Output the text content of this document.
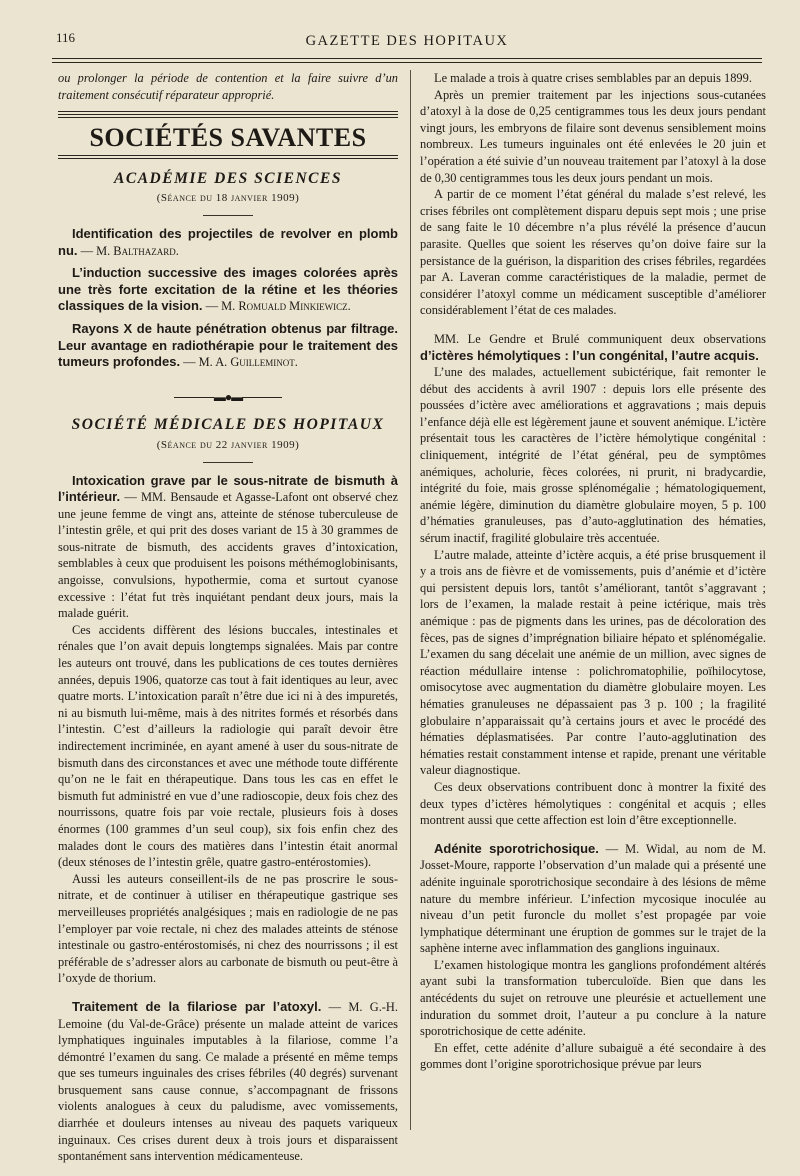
116	GAZETTE DES HOPITAUX

ou prolonger la période de contention et la faire suivre d’un traitement consécutif réparateur approprié.

SOCIÉTÉS SAVANTES
ACADÉMIE DES SCIENCES
(Séance du 18 janvier 1909)

Identification des projectiles de revolver en plomb nu. — M. Balthazard.

L’induction successive des images colorées après une très forte excitation de la rétine et les théories classiques de la vision. — M. Romuald Minkiewicz.

Rayons X de haute pénétration obtenus par filtrage. Leur avantage en radiothérapie pour le traitement des tumeurs profondes. — M. A. Guilleminot.

▬●▬
SOCIÉTÉ MÉDICALE DES HOPITAUX
(Séance du 22 janvier 1909)

Intoxication grave par le sous-nitrate de bismuth à l’intérieur. — MM. Bensaude et Agasse-Lafont ont observé chez une jeune femme de vingt ans, atteinte de sténose tuberculeuse de l’intestin grêle, et qui prit des doses variant de 15 à 30 grammes de sous-nitrate de bismuth, des accidents graves d’intoxication, semblables à ceux que produisent les poisons méthémoglobinisants, angoisse, convulsions, hypothermie, coma et surtout cyanose excessive : l’état fut très inquiétant pendant deux jours, mais la malade guérit.

Ces accidents diffèrent des lésions buccales, intestinales et rénales que l’on avait depuis longtemps signalées. Mais par contre les auteurs ont trouvé, dans les publications de ces toutes dernières années, depuis 1906, quatorze cas tout à fait identiques au leur, avec quatre morts. L’intoxication paraît n’être due ici ni à des impuretés, ni au bismuth lui-même, mais à des nitrites formés et résorbés dans l’intestin. C’est d’ailleurs la radiologie qui paraît devoir être indirectement incriminée, en ayant amené à user du sous-nitrate de bismuth dans des circonstances et avec une méthode toute différente qu’on ne le fait en thérapeutique. Dans tous les cas en effet le bismuth fut administré en vue d’une radioscopie, deux fois chez des nourrissons, quatre fois par voie rectale, plusieurs fois à doses énormes (100 grammes d’un seul coup), six fois enfin chez des malades dont le cours des matières dans l’intestin était anormal (deux sténoses de l’intestin grêle, quatre gastro-entérostomies).

Aussi les auteurs conseillent-ils de ne pas proscrire le sous-nitrate, et de continuer à utiliser en thérapeutique gastrique ses merveilleuses propriétés analgésiques ; mais en radiologie de ne pas l’employer par voie rectale, ni chez des malades atteints de sténose intestinale ou gastro-entérostomisés, ni chez des nourrissons ; il est préférable de s’adresser alors au carbonate de bismuth ou peut-être à l’oxyde de thorium.

Traitement de la filariose par l’atoxyl. — M. G.-H. Lemoine (du Val-de-Grâce) présente un malade atteint de varices lymphatiques inguinales imputables à la filariose, comme l’a démontré l’examen du sang. Ce malade a présenté en même temps que ses tumeurs inguinales des crises fébriles (40 degrés) survenant brusquement sans cause connue, s’accompagnant de frissons violents analogues à ceux du paludisme, avec vomissements, diarrhée et douleurs intenses au niveau des paquets variqueux inguinaux. Ces crises durent deux à trois jours et disparaissent spontanément sans intervention médicamenteuse.

Le malade a trois à quatre crises semblables par an depuis 1899.

Après un premier traitement par les injections sous-cutanées d’atoxyl à la dose de 0,25 centigrammes tous les deux jours pendant vingt jours, les embryons de filaire sont devenus sensiblement moins nombreux. Les tumeurs inguinales ont été enlevées le 20 juin et l’opération a été suivie d’un nouveau traitement par l’atoxyl à la dose de 0,30 centigrammes tous les deux jours pendant un mois.

A partir de ce moment l’état général du malade s’est relevé, les crises fébriles ont complètement disparu depuis sept mois ; une prise de sang faite le 10 décembre n’a plus révélé la présence d’aucun parasite. Quelles que soient les réserves qu’on doive faire sur la persistance de la guérison, la disparition des crises fébriles, regardées par A. Laveran comme caractéristiques de la maladie, permet de considérer l’atoxyl comme un médicament susceptible d’améliorer considérablement l’état de ces malades.

MM. Le Gendre et Brulé communiquent deux observations d’ictères hémolytiques : l’un congénital, l’autre acquis.

L’une des malades, actuellement subictérique, fait remonter le début des accidents à avril 1907 : depuis lors elle présente des poussées d’ictère avec améliorations et aggravations ; mais depuis l’enfance déjà elle est légèrement jaune et souvent anémique. L’ictère présentait tous les caractères de l’ictère hémolytique congénital : cliniquement, intégrité de l’état général, peu de symptômes anémiques, acholurie, fèces colorées, ni prurit, ni bradycardie, intégrité du foie, mais grosse splénomégalie ; hématologiquement, anémie légère, diminution du diamètre globulaire moyen, 5 p. 100 d’hématies granuleuses, pas d’auto-agglutination des hématies, sérum inactif, fragilité globulaire très accentuée.

L’autre malade, atteinte d’ictère acquis, a été prise brusquement il y a trois ans de fièvre et de vomissements, puis d’anémie et d’ictère qui persistent depuis lors, tantôt s’améliorant, tantôt s’aggravant ; lors de l’examen, la malade restait à peine ictérique, mais très anémique : pas de pigments dans les urines, pas de décoloration des fèces, pas de signes d’imprégnation biliaire hépato et splénomégalie. L’examen du sang décelait une anémie de un million, avec signes de réaction médullaire intense : polichromatophilie, poïhilocytose, omisocytose avec augmentation du diamètre globulaire moyen. Les hématies granuleuses ne dépassaient pas 3 p. 100 ; la fragilité globulaire n’apparaissait qu’à certains jours et avec le procédé des hématies déplasmatisées. Par contre l’auto-agglutination des hématies restait constamment intense et rapide, prenant une véritable valeur diagnostique.

Ces deux observations contribuent donc à montrer la fixité des deux types d’ictères hémolytiques : congénital et acquis ; elles montrent aussi que cette affection est loin d’être exceptionnelle.

Adénite sporotrichosique. — M. Widal, au nom de M. Josset-Moure, rapporte l’observation d’un malade qui a présenté une adénite inguinale sporotrichosique secondaire à des lésions de même nature du membre inférieur. L’infection mycosique inoculée au niveau d’un petit furoncle du mollet s’est propagée par voie lymphatique déterminant une éruption de gommes sur le trajet de la saphène interne avec inflammation des ganglions inguinaux.

L’examen histologique montra les ganglions profondément altérés ayant subi la transformation tuberculoïde. Bien que dans les antécédents du sujet on retrouve une pleurésie et actuellement une induration du sommet droit, l’auteur a pu conclure à la nature sporotrichosique de cette adénite.

En effet, cette adénite d’allure subaiguë a été secondaire à des gommes dont l’origine sporotrichosique prévue par leurs
